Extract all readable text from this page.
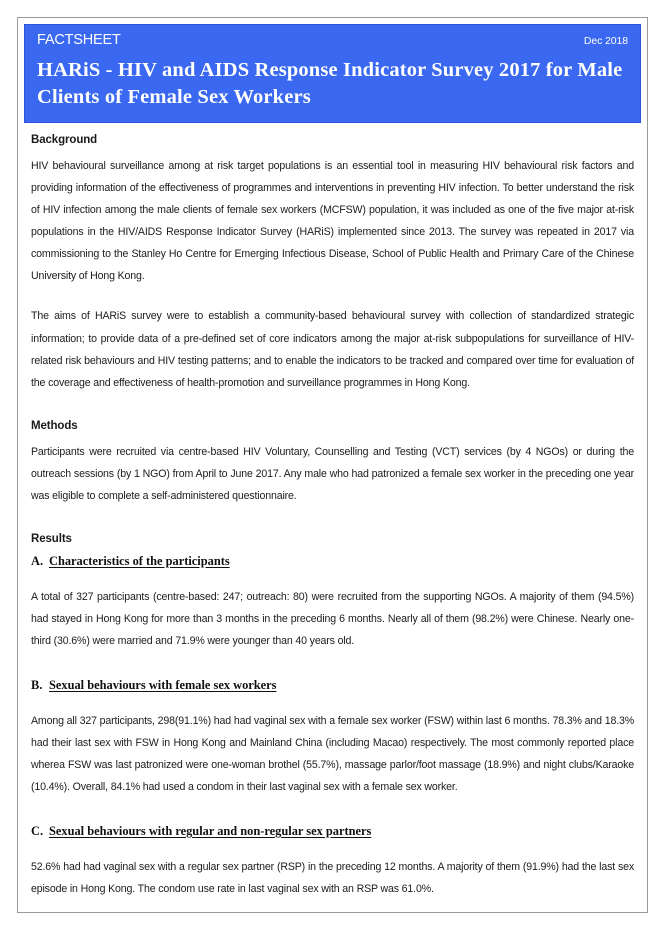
FACTSHEET	Dec 2018
HARiS - HIV and AIDS Response Indicator Survey 2017 for Male Clients of Female Sex Workers
Background

HIV behavioural surveillance among at risk target populations is an essential tool in measuring HIV behavioural risk factors and providing information of the effectiveness of programmes and interventions in preventing HIV infection. To better understand the risk of HIV infection among the male clients of female sex workers (MCFSW) population, it was included as one of the five major at-risk populations in the HIV/AIDS Response Indicator Survey (HARiS) implemented since 2013. The survey was repeated in 2017 via commissioning to the Stanley Ho Centre for Emerging Infectious Disease, School of Public Health and Primary Care of the Chinese University of Hong Kong.

The aims of HARiS survey were to establish a community-based behavioural survey with collection of standardized strategic information; to provide data of a pre-defined set of core indicators among the major at-risk subpopulations for surveillance of HIV-related risk behaviours and HIV testing patterns; and to enable the indicators to be tracked and compared over time for evaluation of the coverage and effectiveness of health-promotion and surveillance programmes in Hong Kong.

Methods

Participants were recruited via centre-based HIV Voluntary, Counselling and Testing (VCT) services (by 4 NGOs) or during the outreach sessions (by 1 NGO) from April to June 2017. Any male who had patronized a female sex worker in the preceding one year was eligible to complete a self-administered questionnaire.

Results
A. Characteristics of the participants

A total of 327 participants (centre-based: 247; outreach: 80) were recruited from the supporting NGOs. A majority of them (94.5%) had stayed in Hong Kong for more than 3 months in the preceding 6 months. Nearly all of them (98.2%) were Chinese. Nearly one-third (30.6%) were married and 71.9% were younger than 40 years old.

B. Sexual behaviours with female sex workers

Among all 327 participants, 298(91.1%) had had vaginal sex with a female sex worker (FSW) within last 6 months. 78.3% and 18.3% had their last sex with FSW in Hong Kong and Mainland China (including Macao) respectively. The most commonly reported place wherea FSW was last patronized were one-woman brothel (55.7%), massage parlor/foot massage (18.9%) and night clubs/Karaoke (10.4%). Overall, 84.1% had used a condom in their last vaginal sex with a female sex worker.

C. Sexual behaviours with regular and non-regular sex partners

52.6% had had vaginal sex with a regular sex partner (RSP) in the preceding 12 months. A majority of them (91.9%) had the last sex episode in Hong Kong. The condom use rate in last vaginal sex with an RSP was 61.0%.
